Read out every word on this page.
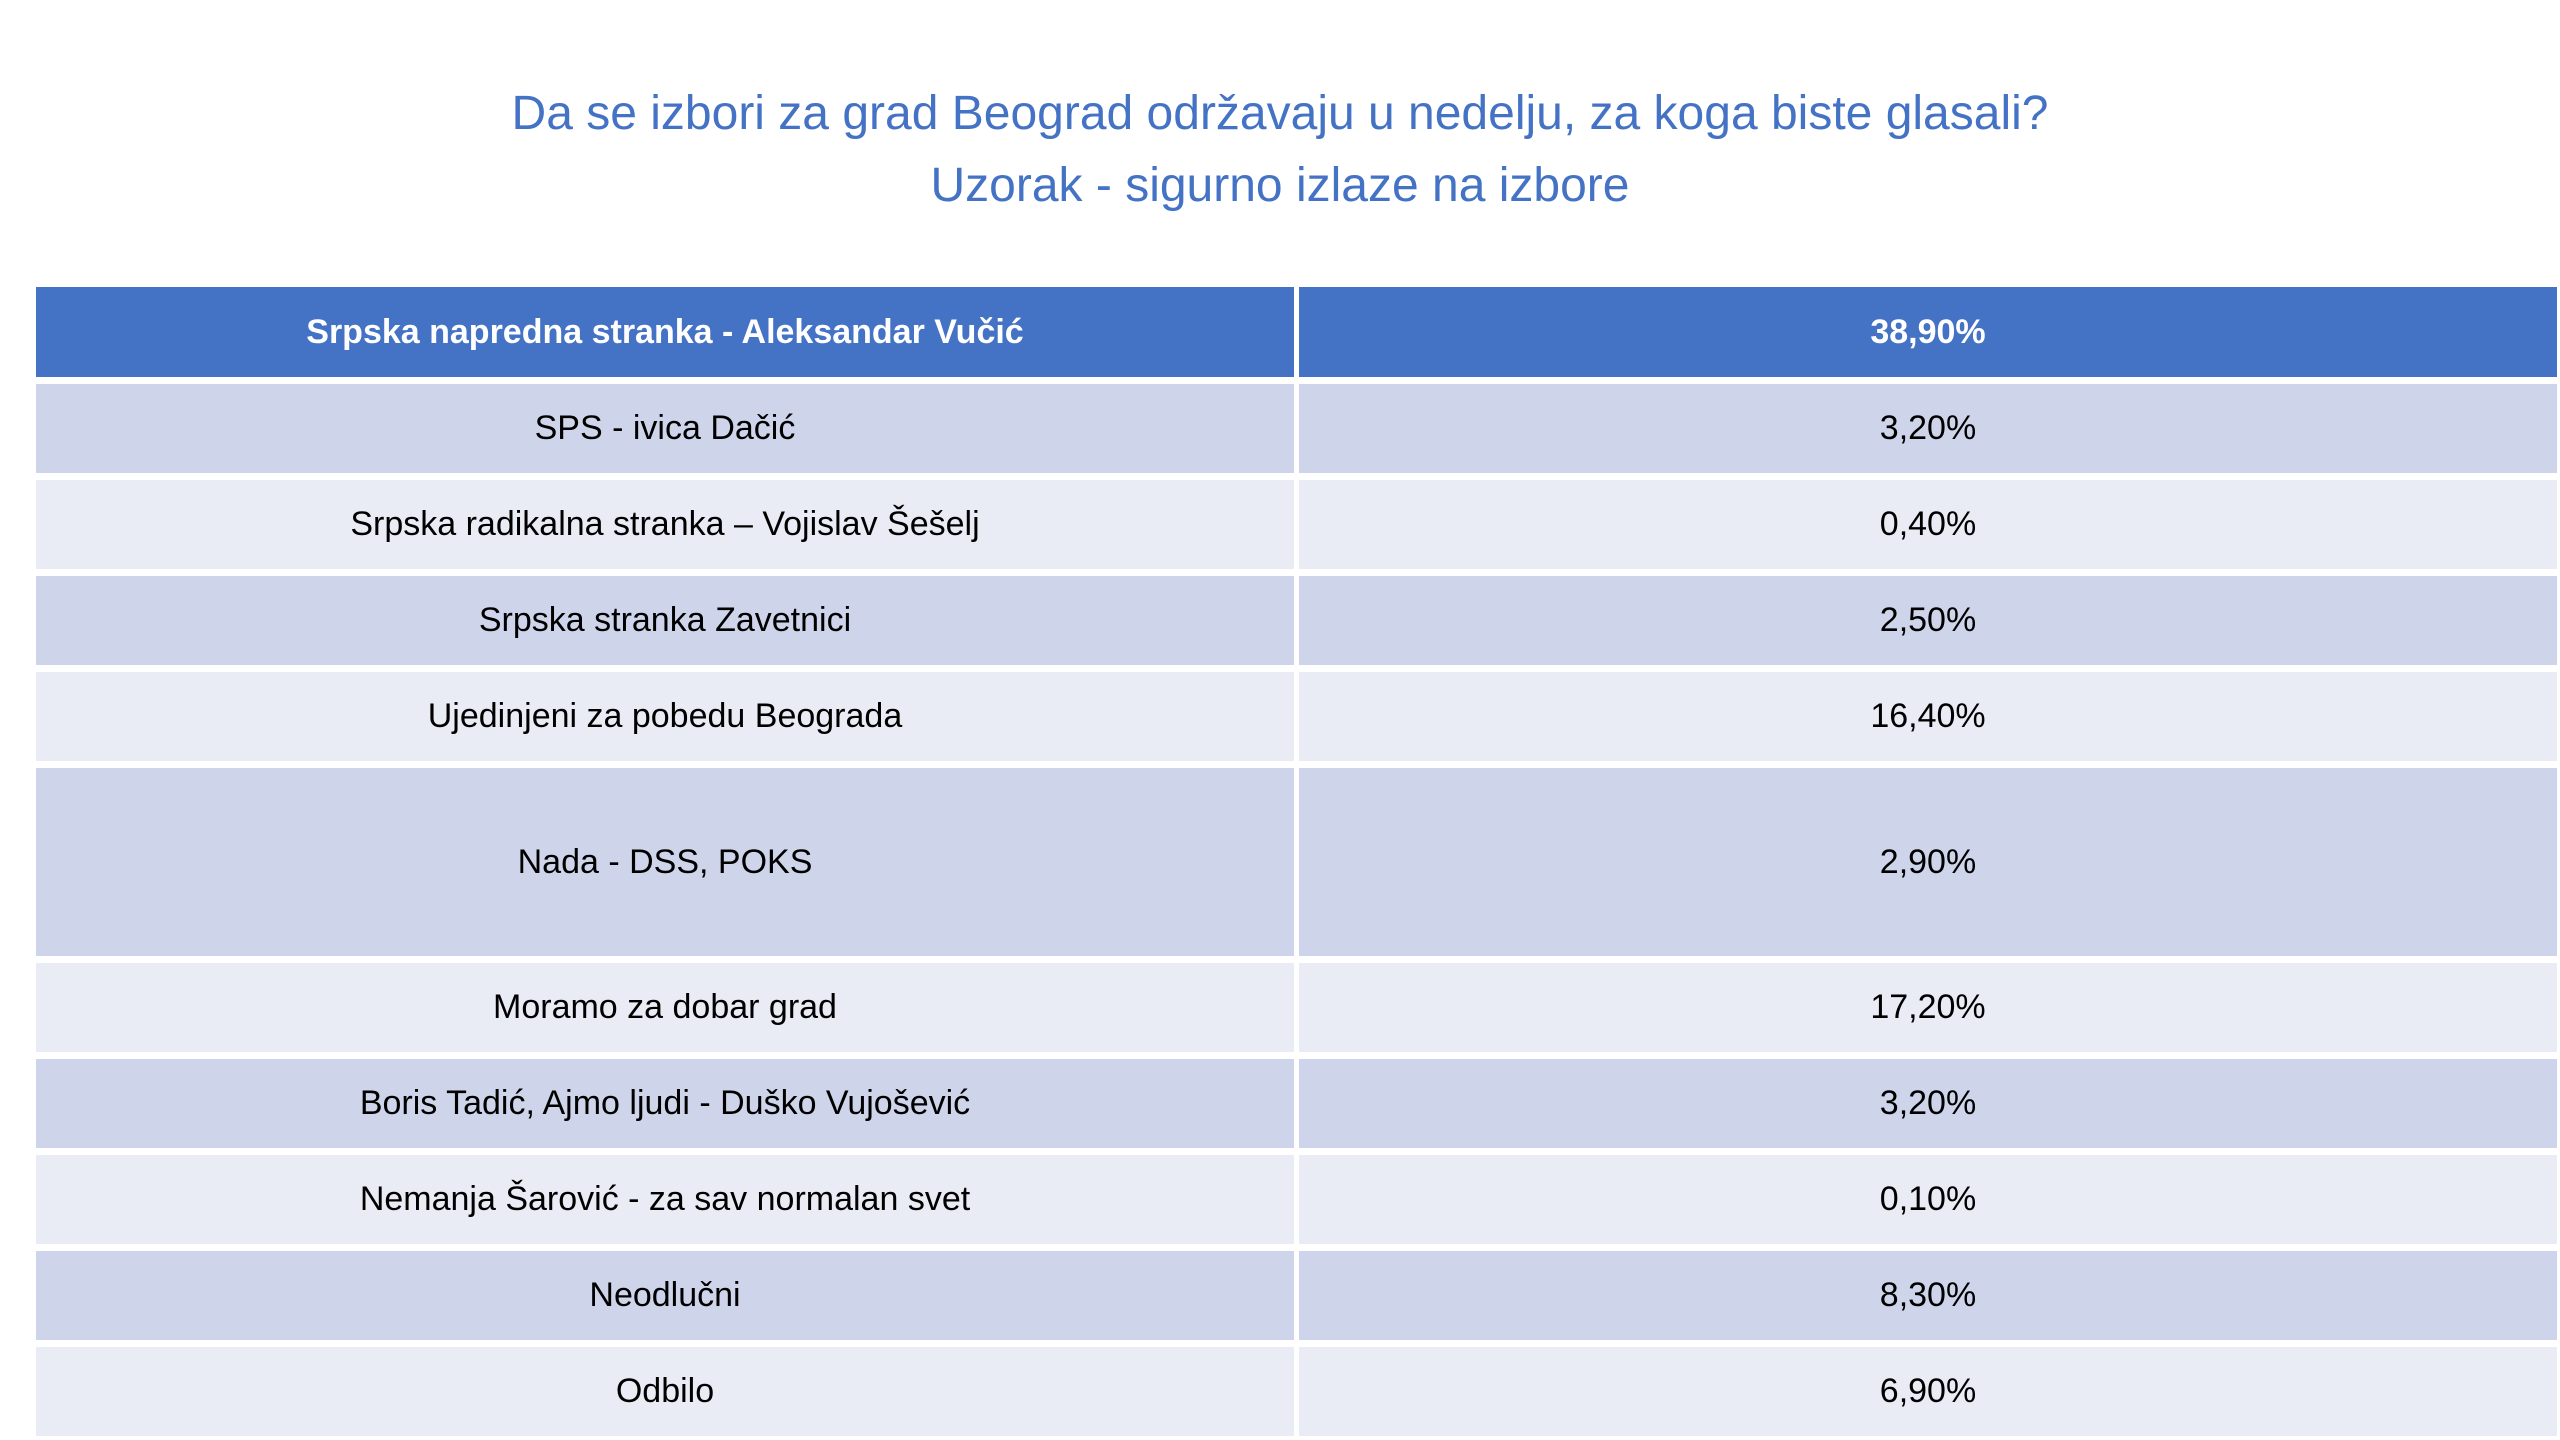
Da se izbori za grad Beograd održavaju u nedelju, za koga biste glasali?
Uzorak - sigurno izlaze na izbore
Srpska napredna stranka - Aleksandar Vučić	38,90%
SPS - ivica Dačić	3,20%
Srpska radikalna stranka – Vojislav Šešelj	0,40%
Srpska stranka Zavetnici	2,50%
Ujedinjeni za pobedu Beograda	16,40%
Nada - DSS, POKS	2,90%
Moramo za dobar grad	17,20%
Boris Tadić, Ajmo ljudi - Duško Vujošević	3,20%
Nemanja Šarović - za sav normalan svet	0,10%
Neodlučni	8,30%
Odbilo	6,90%
